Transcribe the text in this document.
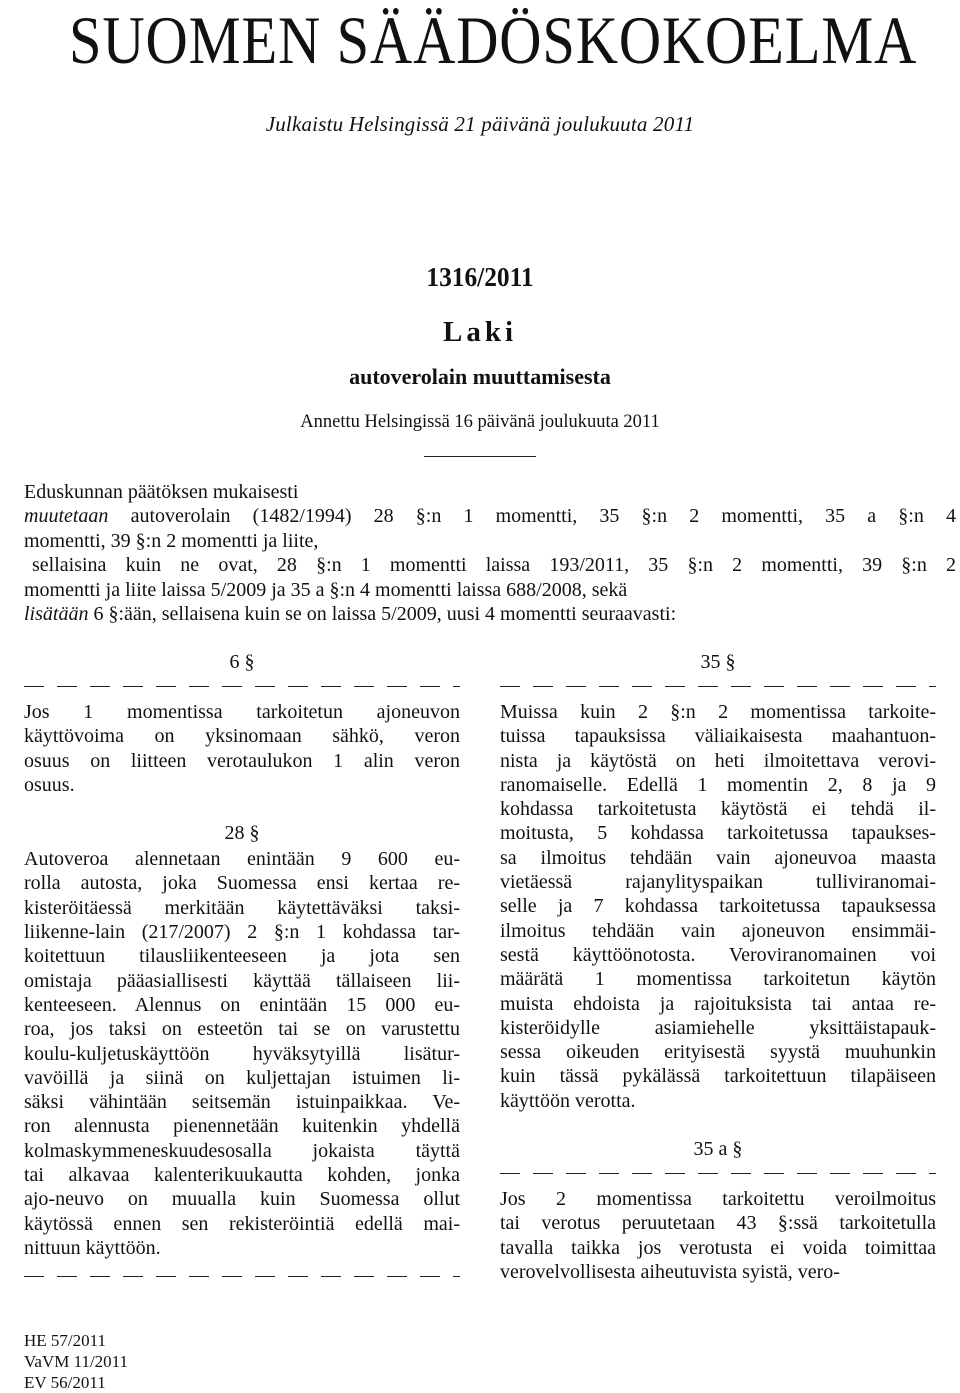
SUOMEN SÄÄDÖSKOKOELMA
Julkaistu Helsingissä 21 päivänä joulukuuta 2011
1316/2011
Laki
autoverolain muuttamisesta
Annettu Helsingissä 16 päivänä joulukuuta 2011
Eduskunnan päätöksen mukaisesti
muutetaan autoverolain (1482/1994) 28 §:n 1 momentti, 35 §:n 2 momentti, 35 a §:n 4
momentti, 39 §:n 2 momentti ja liite,
sellaisina kuin ne ovat, 28 §:n 1 momentti laissa 193/2011, 35 §:n 2 momentti, 39 §:n 2
momentti ja liite laissa 5/2009 ja 35 a §:n 4 momentti laissa 688/2008, sekä
lisätään 6 §:ään, sellaisena kuin se on laissa 5/2009, uusi 4 momentti seuraavasti:
6 §
Jos 1 momentissa tarkoitetun ajoneuvon
käyttövoima on yksinomaan sähkö, veron
osuus on liitteen verotaulukon 1 alin veron
osuus.
28 §
Autoveroa alennetaan enintään 9 600 eu-
rolla autosta, joka Suomessa ensi kertaa re-
kisteröitäessä merkitään käytettäväksi taksi-
liikenne-lain (217/2007) 2 §:n 1 kohdassa tar-
koitettuun tilausliikenteeseen ja jota sen
omistaja pääasiallisesti käyttää tällaiseen lii-
kenteeseen. Alennus on enintään 15 000 eu-
roa, jos taksi on esteetön tai se on varustettu
koulu-kuljetuskäyttöön hyväksytyillä lisätur-
vavöillä ja siinä on kuljettajan istuimen li-
säksi vähintään seitsemän istuinpaikkaa. Ve-
ron alennusta pienennetään kuitenkin yhdellä
kolmaskymmeneskuudesosalla jokaista täyttä
tai alkavaa kalenterikuukautta kohden, jonka
ajo-neuvo on muualla kuin Suomessa ollut
käytössä ennen sen rekisteröintiä edellä mai-
nittuun käyttöön.
35 §
Muissa kuin 2 §:n 2 momentissa tarkoite-
tuissa tapauksissa väliaikaisesta maahantuon-
nista ja käytöstä on heti ilmoitettava verovi-
ranomaiselle. Edellä 1 momentin 2, 8 ja 9
kohdassa tarkoitetusta käytöstä ei tehdä il-
moitusta, 5 kohdassa tarkoitetussa tapaukses-
sa ilmoitus tehdään vain ajoneuvoa maasta
vietäessä rajanylityspaikan tulliviranomai-
selle ja 7 kohdassa tarkoitetussa tapauksessa
ilmoitus tehdään vain ajoneuvon ensimmäi-
sestä käyttöönotosta. Veroviranomainen voi
määrätä 1 momentissa tarkoitetun käytön
muista ehdoista ja rajoituksista tai antaa re-
kisteröidylle asiamiehelle yksittäistapauk-
sessa oikeuden erityisestä syystä muuhunkin
kuin tässä pykälässä tarkoitettuun tilapäiseen
käyttöön verotta.
35 a §
Jos 2 momentissa tarkoitettu veroilmoitus
tai verotus peruutetaan 43 §:ssä tarkoitetulla
tavalla taikka jos verotusta ei voida toimittaa
verovelvollisesta aiheutuvista syistä, vero-
HE 57/2011
VaVM 11/2011
EV 56/2011
